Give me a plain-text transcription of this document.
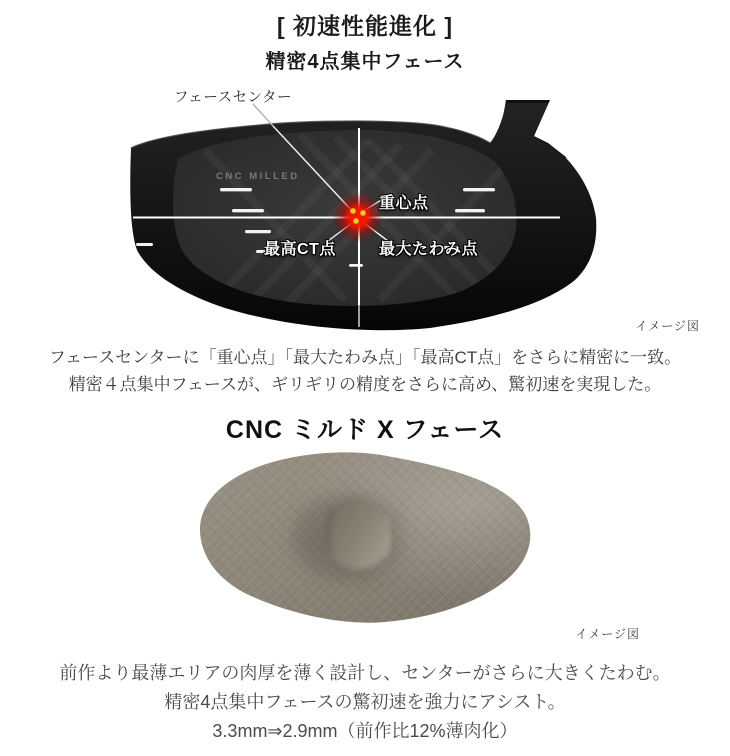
CNC MILLED
[ 初速性能進化 ]
精密4点集中フェース
フェースセンター
重心点
最高CT点	最大たわみ点
イメージ図
フェースセンターに「重心点」「最大たわみ点」「最高CT点」をさらに精密に一致。
精密４点集中フェースが、ギリギリの精度をさらに高め、驚初速を実現した。
CNC ミルド X フェース
イメージ図
前作より最薄エリアの肉厚を薄く設計し、センターがさらに大きくたわむ。
精密4点集中フェースの驚初速を強力にアシスト。
3.3mm⇒2.9mm（前作比12%薄肉化）
